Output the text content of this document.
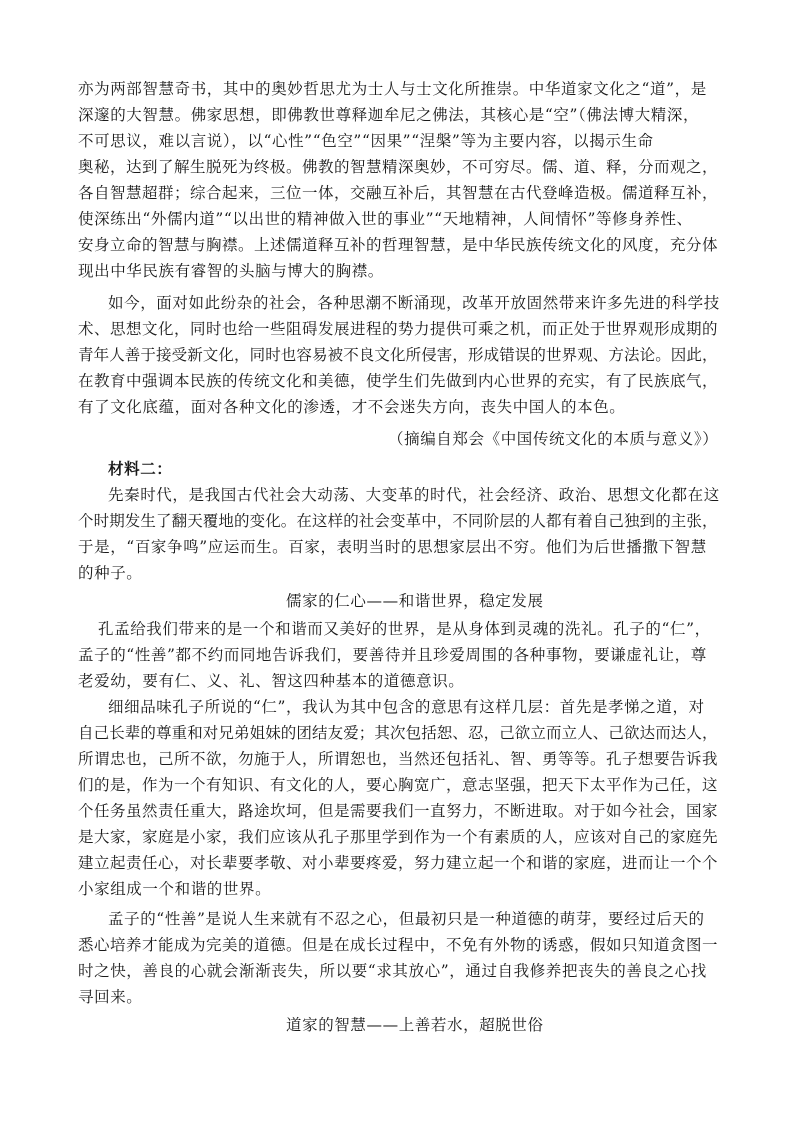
亦为两部智慧奇书，其中的奥妙哲思尤为士人与士文化所推崇。中华道家文化之“道”，是
深邃的大智慧。佛家思想，即佛教世尊释迦牟尼之佛法，其核心是“空”（佛法博大精深，
不可思议，难以言说），以“心性”“色空”“因果”“涅槃”等为主要内容，以揭示生命
奥秘，达到了解生脱死为终极。佛教的智慧精深奥妙，不可穷尽。儒、道、释，分而观之，
各自智慧超群；综合起来，三位一体，交融互补后，其智慧在古代登峰造极。儒道释互补，
使深练出“外儒内道”“以出世的精神做入世的事业”“天地精神，人间情怀”等修身养性、
安身立命的智慧与胸襟。上述儒道释互补的哲理智慧，是中华民族传统文化的风度，充分体
现出中华民族有睿智的头脑与博大的胸襟。
如今，面对如此纷杂的社会，各种思潮不断涌现，改革开放固然带来许多先进的科学技
术、思想文化，同时也给一些阻碍发展进程的势力提供可乘之机，而正处于世界观形成期的
青年人善于接受新文化，同时也容易被不良文化所侵害，形成错误的世界观、方法论。因此，
在教育中强调本民族的传统文化和美德，使学生们先做到内心世界的充实，有了民族底气，
有了文化底蕴，面对各种文化的渗透，才不会迷失方向，丧失中国人的本色。
（摘编自郑会《中国传统文化的本质与意义》）
材料二：
先秦时代，是我国古代社会大动荡、大变革的时代，社会经济、政治、思想文化都在这
个时期发生了翻天覆地的变化。在这样的社会变革中，不同阶层的人都有着自己独到的主张，
于是，“百家争鸣”应运而生。百家，表明当时的思想家层出不穷。他们为后世播撒下智慧
的种子。
儒家的仁心——和谐世界，稳定发展
孔孟给我们带来的是一个和谐而又美好的世界，是从身体到灵魂的洗礼。孔子的“仁”，
孟子的“性善”都不约而同地告诉我们，要善待并且珍爱周围的各种事物，要谦虚礼让，尊
老爱幼，要有仁、义、礼、智这四种基本的道德意识。
细细品味孔子所说的“仁”，我认为其中包含的意思有这样几层：首先是孝悌之道，对
自己长辈的尊重和对兄弟姐妹的团结友爱；其次包括恕、忍，己欲立而立人、己欲达而达人，
所谓忠也，己所不欲，勿施于人，所谓恕也，当然还包括礼、智、勇等等。孔子想要告诉我
们的是，作为一个有知识、有文化的人，要心胸宽广，意志坚强，把天下太平作为己任，这
个任务虽然责任重大，路途坎坷，但是需要我们一直努力，不断进取。对于如今社会，国家
是大家，家庭是小家，我们应该从孔子那里学到作为一个有素质的人，应该对自己的家庭先
建立起责任心，对长辈要孝敬、对小辈要疼爱，努力建立起一个和谐的家庭，进而让一个个
小家组成一个和谐的世界。
孟子的“性善”是说人生来就有不忍之心，但最初只是一种道德的萌芽，要经过后天的
悉心培养才能成为完美的道德。但是在成长过程中，不免有外物的诱惑，假如只知道贪图一
时之快，善良的心就会渐渐丧失，所以要“求其放心”，通过自我修养把丧失的善良之心找
寻回来。
道家的智慧——上善若水，超脱世俗
